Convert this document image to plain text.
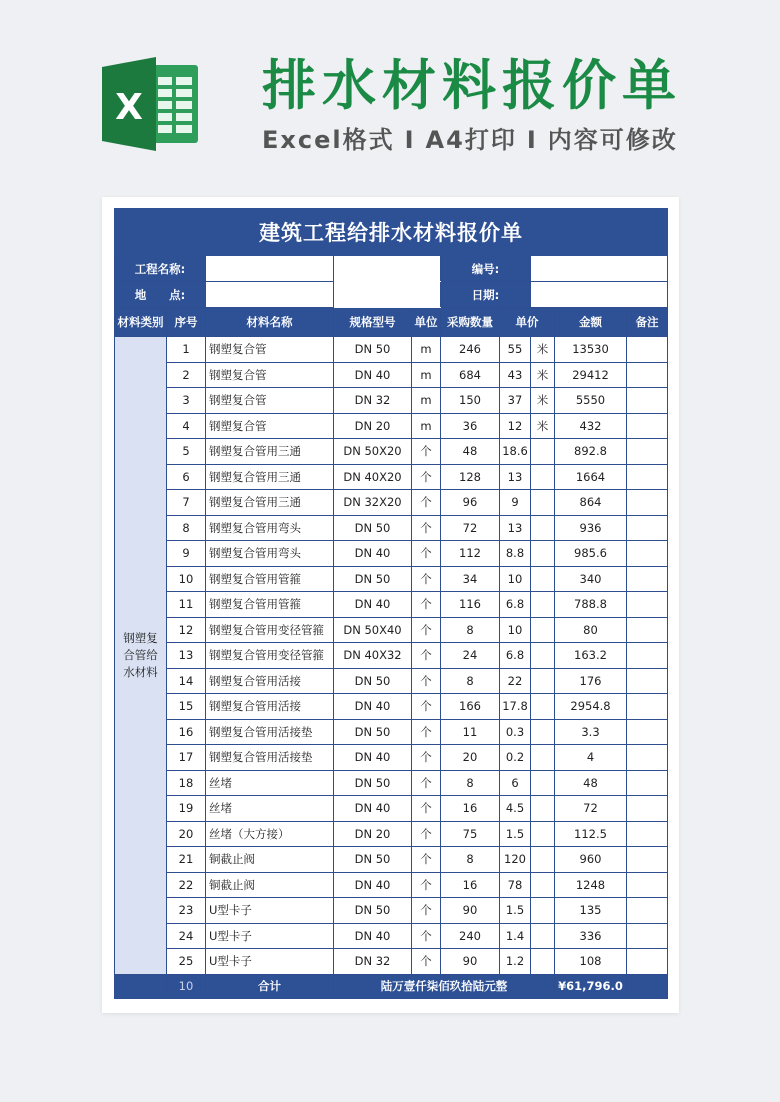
X 排水材料报价单
Excel格式 I A4打印 I 内容可修改
建筑工程给排水材料报价单									
工程名称:					编号:				
地　　点:					日期:				
材料类别	序号	材料名称	规格型号	单位	采购数量	单价		金额	备注
钢塑复合管给水材料	1	钢塑复合管	DN 50	m	246	55	米	13530	
	2	钢塑复合管	DN 40	m	684	43	米	29412	
	3	钢塑复合管	DN 32	m	150	37	米	5550	
	4	钢塑复合管	DN 20	m	36	12	米	432	
	5	钢塑复合管用三通	DN 50X20	个	48	18.6		892.8	
	6	钢塑复合管用三通	DN 40X20	个	128	13		1664	
	7	钢塑复合管用三通	DN 32X20	个	96	9		864	
	8	钢塑复合管用弯头	DN 50	个	72	13		936	
	9	钢塑复合管用弯头	DN 40	个	112	8.8		985.6	
	10	钢塑复合管用管箍	DN 50	个	34	10		340	
	11	钢塑复合管用管箍	DN 40	个	116	6.8		788.8	
	12	钢塑复合管用变径管箍	DN 50X40	个	8	10		80	
	13	钢塑复合管用变径管箍	DN 40X32	个	24	6.8		163.2	
	14	钢塑复合管用活接	DN 50	个	8	22		176	
	15	钢塑复合管用活接	DN 40	个	166	17.8		2954.8	
	16	钢塑复合管用活接垫	DN 50	个	11	0.3		3.3	
	17	钢塑复合管用活接垫	DN 40	个	20	0.2		4	
	18	丝堵	DN 50	个	8	6		48	
	19	丝堵	DN 40	个	16	4.5		72	
	20	丝堵（大方接）	DN 20	个	75	1.5		112.5	
	21	铜截止阀	DN 50	个	8	120		960	
	22	铜截止阀	DN 40	个	16	78		1248	
	23	U型卡子	DN 50	个	90	1.5		135	
	24	U型卡子	DN 40	个	240	1.4		336	
	25	U型卡子	DN 32	个	90	1.2		108	
	10	合计	陆万壹仟柒佰玖拾陆元整					¥61,796.0	
